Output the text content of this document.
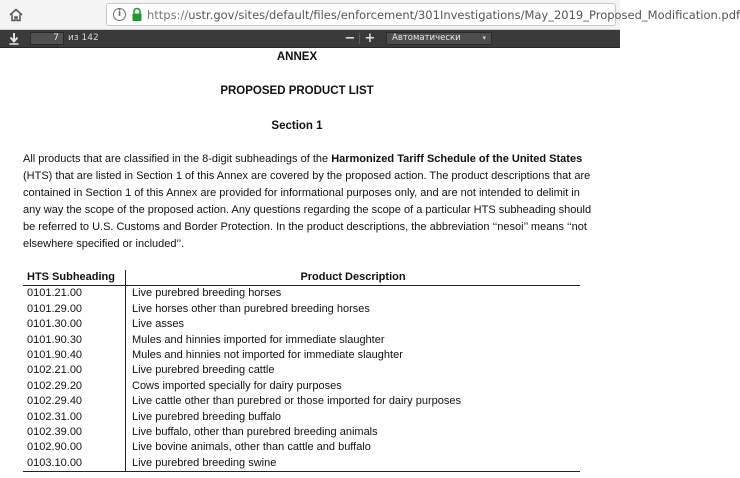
i	https://ustr.gov/sites/default/files/enforcement/301Investigations/May_2019_Proposed_Modification.pdf
7	из 142	− +	Автоматически	▾
ANNEX
PROPOSED PRODUCT LIST
Section 1
All products that are classified in the 8-digit subheadings of the Harmonized Tariff Schedule of the United States (HTS) that are listed in Section 1 of this Annex are covered by the proposed action. The product descriptions that are contained in Section 1 of this Annex are provided for informational purposes only, and are not intended to delimit in any way the scope of the proposed action. Any questions regarding the scope of a particular HTS subheading should be referred to U.S. Customs and Border Protection. In the product descriptions, the abbreviation ‘‘nesoi’’ means ‘‘not elsewhere specified or included’’.
HTS Subheading	Product Description
0101.21.00	Live purebred breeding horses
0101.29.00	Live horses other than purebred breeding horses
0101.30.00	Live asses
0101.90.30	Mules and hinnies imported for immediate slaughter
0101.90.40	Mules and hinnies not imported for immediate slaughter
0102.21.00	Live purebred breeding cattle
0102.29.20	Cows imported specially for dairy purposes
0102.29.40	Live cattle other than purebred or those imported for dairy purposes
0102.31.00	Live purebred breeding buffalo
0102.39.00	Live buffalo, other than purebred breeding animals
0102.90.00	Live bovine animals, other than cattle and buffalo
0103.10.00	Live purebred breeding swine
